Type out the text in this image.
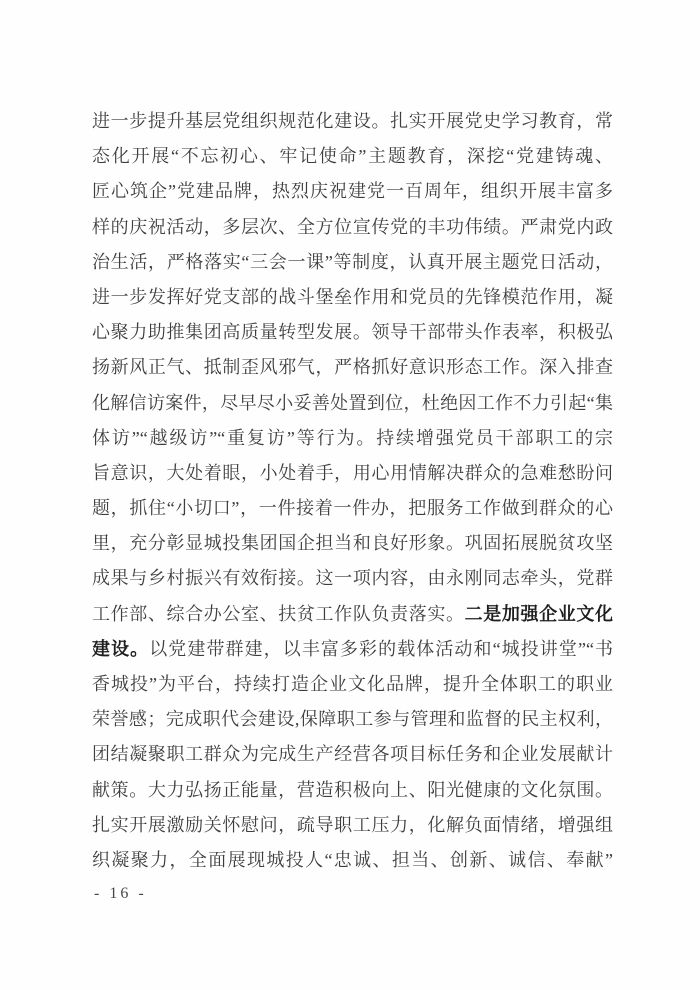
进一步提升基层党组织规范化建设。扎实开展党史学习教育，常
态化开展“不忘初心、牢记使命”主题教育，深挖“党建铸魂、
匠心筑企”党建品牌，热烈庆祝建党一百周年，组织开展丰富多
样的庆祝活动，多层次、全方位宣传党的丰功伟绩。严肃党内政
治生活，严格落实“三会一课”等制度，认真开展主题党日活动，
进一步发挥好党支部的战斗堡垒作用和党员的先锋模范作用，凝
心聚力助推集团高质量转型发展。领导干部带头作表率，积极弘
扬新风正气、抵制歪风邪气，严格抓好意识形态工作。深入排查
化解信访案件，尽早尽小妥善处置到位，杜绝因工作不力引起“集
体访”“越级访”“重复访”等行为。持续增强党员干部职工的宗
旨意识，大处着眼，小处着手，用心用情解决群众的急难愁盼问
题，抓住“小切口”，一件接着一件办，把服务工作做到群众的心
里，充分彰显城投集团国企担当和良好形象。巩固拓展脱贫攻坚
成果与乡村振兴有效衔接。这一项内容，由永刚同志牵头，党群
工作部、综合办公室、扶贫工作队负责落实。二是加强企业文化
建设。以党建带群建，以丰富多彩的载体活动和“城投讲堂”“书
香城投”为平台，持续打造企业文化品牌，提升全体职工的职业
荣誉感；完成职代会建设,保障职工参与管理和监督的民主权利，
团结凝聚职工群众为完成生产经营各项目标任务和企业发展献计
献策。大力弘扬正能量，营造积极向上、阳光健康的文化氛围。
扎实开展激励关怀慰问，疏导职工压力，化解负面情绪，增强组
织凝聚力，全面展现城投人“忠诚、担当、创新、诚信、奉献”
- 16 -
